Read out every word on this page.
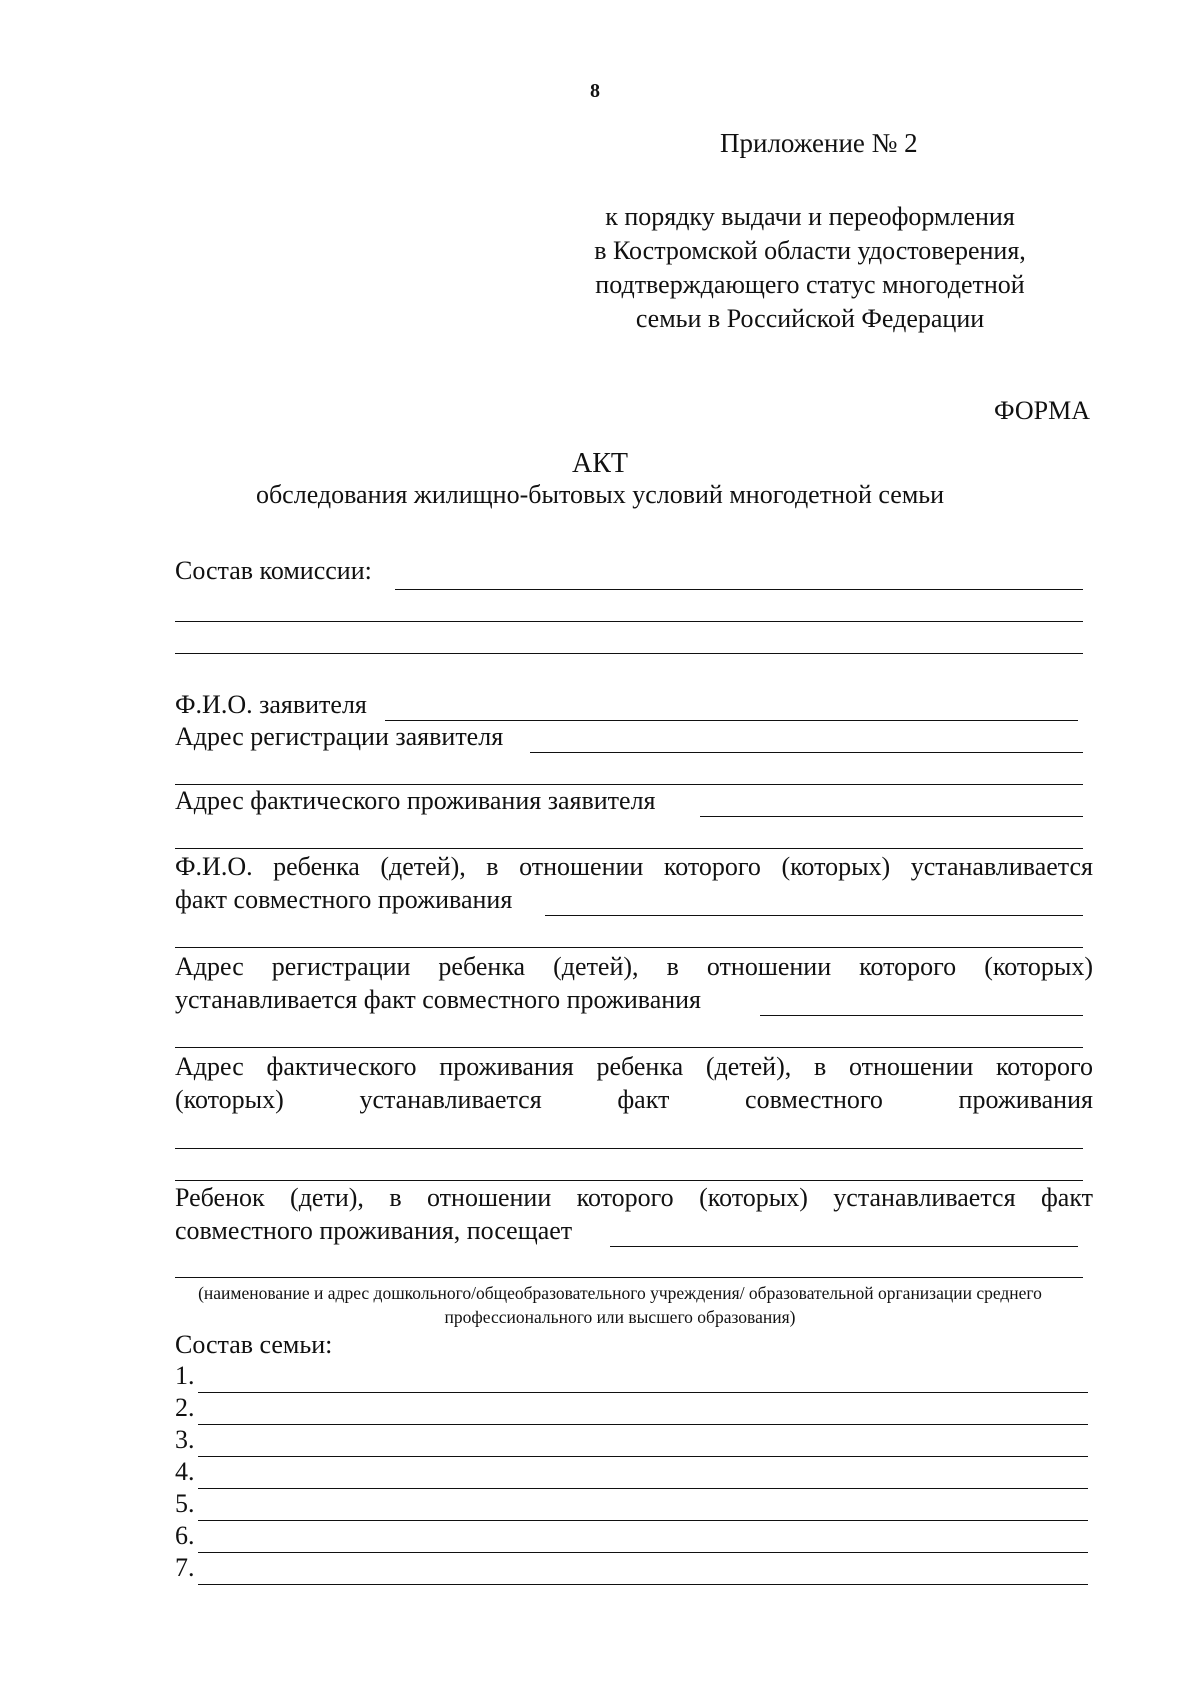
8
Приложение № 2
к порядку выдачи и переоформления
в Костромской области удостоверения,
подтверждающего статус многодетной
семьи в Российской Федерации
ФОРМА
АКТ
обследования жилищно-бытовых условий многодетной семьи
Состав комиссии:
Ф.И.О. заявителя
Адрес регистрации заявителя
Адрес фактического проживания заявителя
Ф.И.О. ребенка (детей), в отношении которого (которых) устанавливается
факт совместного проживания
Адрес регистрации ребенка (детей), в отношении которого (которых)
устанавливается факт совместного проживания
Адрес фактического проживания ребенка (детей), в отношении которого
(которых)	устанавливается	факт	совместного	проживания
Ребенок (дети), в отношении которого (которых) устанавливается факт
совместного проживания, посещает
(наименование и адрес дошкольного/общеобразовательного учреждения/ образовательной организации среднего профессионального или высшего образования)
Состав семьи:
1.
2.
3.
4.
5.
6.
7.
